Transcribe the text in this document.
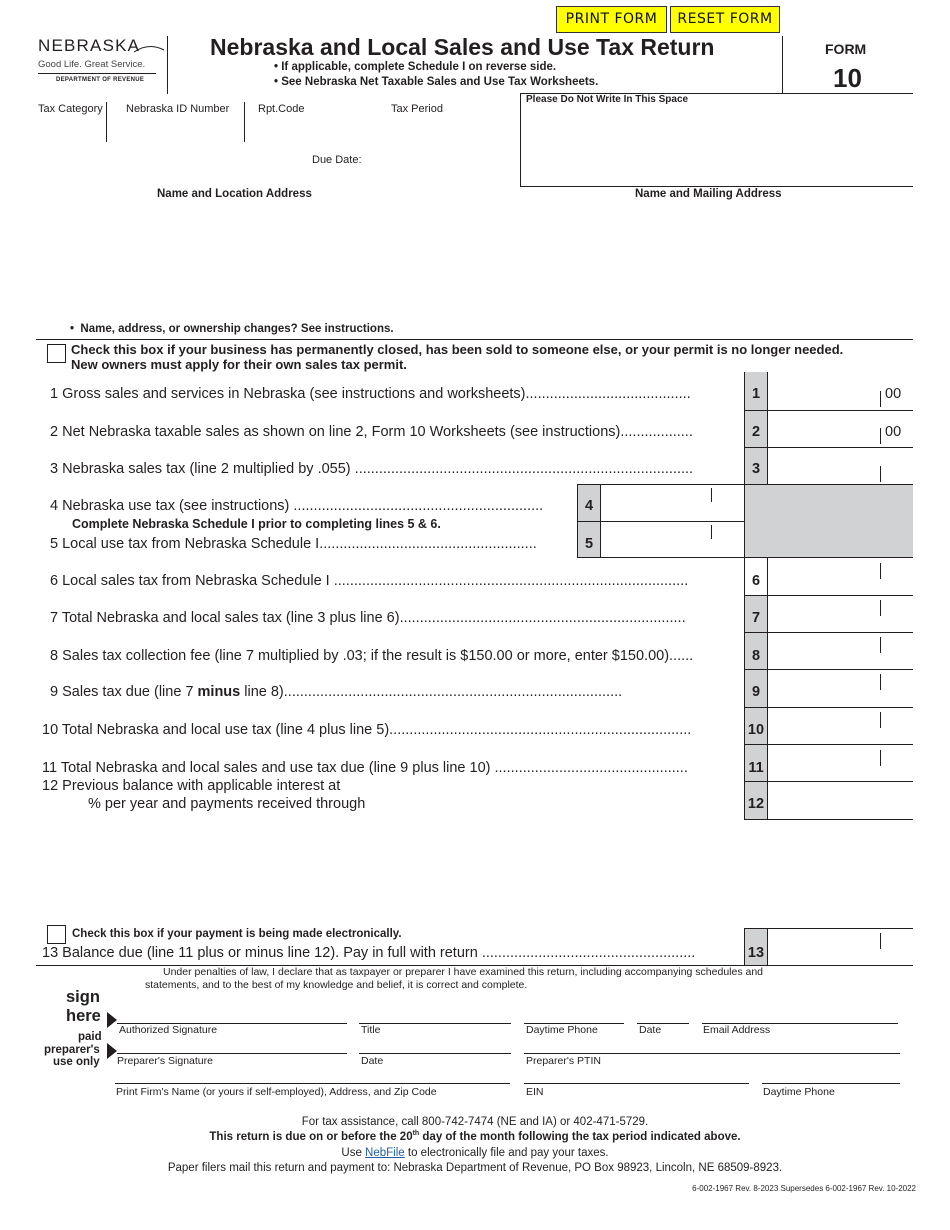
PRINT FORM	RESET FORM
NEBRASKA
Good Life. Great Service.
DEPARTMENT OF REVENUE
Nebraska and Local Sales and Use Tax Return
• If applicable, complete Schedule I on reverse side.
• See Nebraska Net Taxable Sales and Use Tax Worksheets.
FORM
10
Tax Category Nebraska ID Number	Rpt.Code	Tax Period
Due Date:
Please Do Not Write In This Space
Name and Location Address	Name and Mailing Address
•  Name, address, or ownership changes? See instructions.
Check this box if your business has permanently closed, has been sold to someone else, or your permit is no longer needed.
New owners must apply for their own sales tax permit.
1 Gross sales and services in Nebraska (see instructions and worksheets).........................................	1	00
2 Net Nebraska taxable sales as shown on line 2, Form 10 Worksheets (see instructions)..................	2	00
3 Nebraska sales tax (line 2 multiplied by .055) ....................................................................................	3
4 Nebraska use tax (see instructions) ..............................................................	4
Complete Nebraska Schedule I prior to completing lines 5 & 6.
5 Local use tax from Nebraska Schedule I......................................................	5
6 Local sales tax from Nebraska Schedule I ........................................................................................	6
7 Total Nebraska and local sales tax (line 3 plus line 6).......................................................................	7
8 Sales tax collection fee (line 7 multiplied by .03; if the result is $150.00 or more, enter $150.00)......	8
9 Sales tax due (line 7 minus line 8)....................................................................................	9
10 Total Nebraska and local use tax (line 4 plus line 5)...........................................................................	10
11 Total Nebraska and local sales and use tax due (line 9 plus line 10) ................................................	11
12 Previous balance with applicable interest at
% per year and payments received through	12
Check this box if your payment is being made electronically.
13 Balance due (line 11 plus or minus line 12). Pay in full with return .....................................................	13
Under penalties of law, I declare that as taxpayer or preparer I have examined this return, including accompanying schedules and
statements, and to the best of my knowledge and belief, it is correct and complete.
sign
here
paid
preparer's
use only
Authorized Signature	Title	Daytime Phone	Date	Email Address
Preparer's Signature	Date	Preparer's PTIN
Print Firm's Name (or yours if self-employed), Address, and Zip Code	EIN	Daytime Phone
For tax assistance, call 800-742-7474 (NE and IA) or 402-471-5729.
This return is due on or before the 20th day of the month following the tax period indicated above.
Use NebFile to electronically file and pay your taxes.
Paper filers mail this return and payment to: Nebraska Department of Revenue, PO Box 98923, Lincoln, NE 68509-8923.
6-002-1967 Rev. 8-2023 Supersedes 6-002-1967 Rev. 10-2022
